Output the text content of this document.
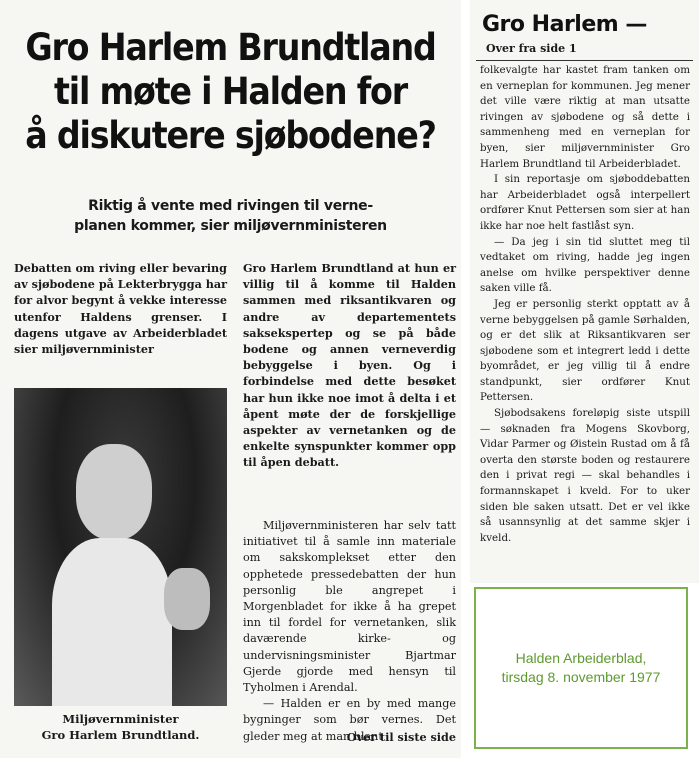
Gro Harlem Brundtland
til møte i Halden for
å diskutere sjøbodene?
Riktig å vente med rivingen til verne-
planen kommer, sier miljøvernministeren

Debatten om riving eller bevaring av sjøbodene på Lekterbrygga har for alvor begynt å vekke interesse utenfor Haldens grenser. I dagens utgave av Arbeiderbladet sier miljøvernminister

Miljøvernminister
Gro Harlem Brundtland.

Gro Harlem Brundtland at hun er villig til å komme til Halden sammen med riksantikvaren og andre av departementets saksekspertер og se på både bodene og annen verneverdig bebyggelse i byen. Og i forbindelse med dette besøket har hun ikke noe imot å delta i et åpent møte der de forskjellige aspekter av vernetanken og de enkelte synspunkter kommer opp til åpen debatt.

Miljøvernministeren har selv tatt initiativet til å samle inn materiale om sakskomplekset etter den opphetede pressedebatten der hun personlig ble angrepet i Morgenbladet for ikke å ha grepet inn til fordel for vernetanken, slik daværende kirke- og undervisningsminister Bjartmar Gjerde gjorde med hensyn til Tyholmen i Arendal.

— Halden er en by med mange bygninger som bør vernes. Det gleder meg at man blant

Over til siste side
Gro Harlem —
Over fra side 1

folkevalgte har kastet fram tanken om en verneplan for kommunen. Jeg mener det ville være riktig at man utsatte rivingen av sjøbodene og så dette i sammenheng med en verneplan for byen, sier miljøvernminister Gro Harlem Brundtland til Arbeiderbladet.

I sin reportasje om sjøboddebatten har Arbeiderbladet også interpellert ordfører Knut Pettersen som sier at han ikke har noe helt fastlåst syn.

— Da jeg i sin tid sluttet meg til vedtaket om riving, hadde jeg ingen anelse om hvilke perspektiver denne saken ville få.

Jeg er personlig sterkt opptatt av å verne bebyggelsen på gamle Sørhalden, og er det slik at Riksantikvaren ser sjøbodene som et integrert ledd i dette byområdet, er jeg villig til å endre standpunkt, sier ordfører Knut Pettersen.

Sjøbodsakens foreløpig siste utspill — søknaden fra Mogens Skovborg, Vidar Parmer og Øistein Rustad om å få overta den største boden og restaurere den i privat regi — skal behandles i formannskapet i kveld. For to uker siden ble saken utsatt. Det er vel ikke så usannsynlig at det samme skjer i kveld.

Halden Arbeiderblad,
tirsdag 8. november 1977
